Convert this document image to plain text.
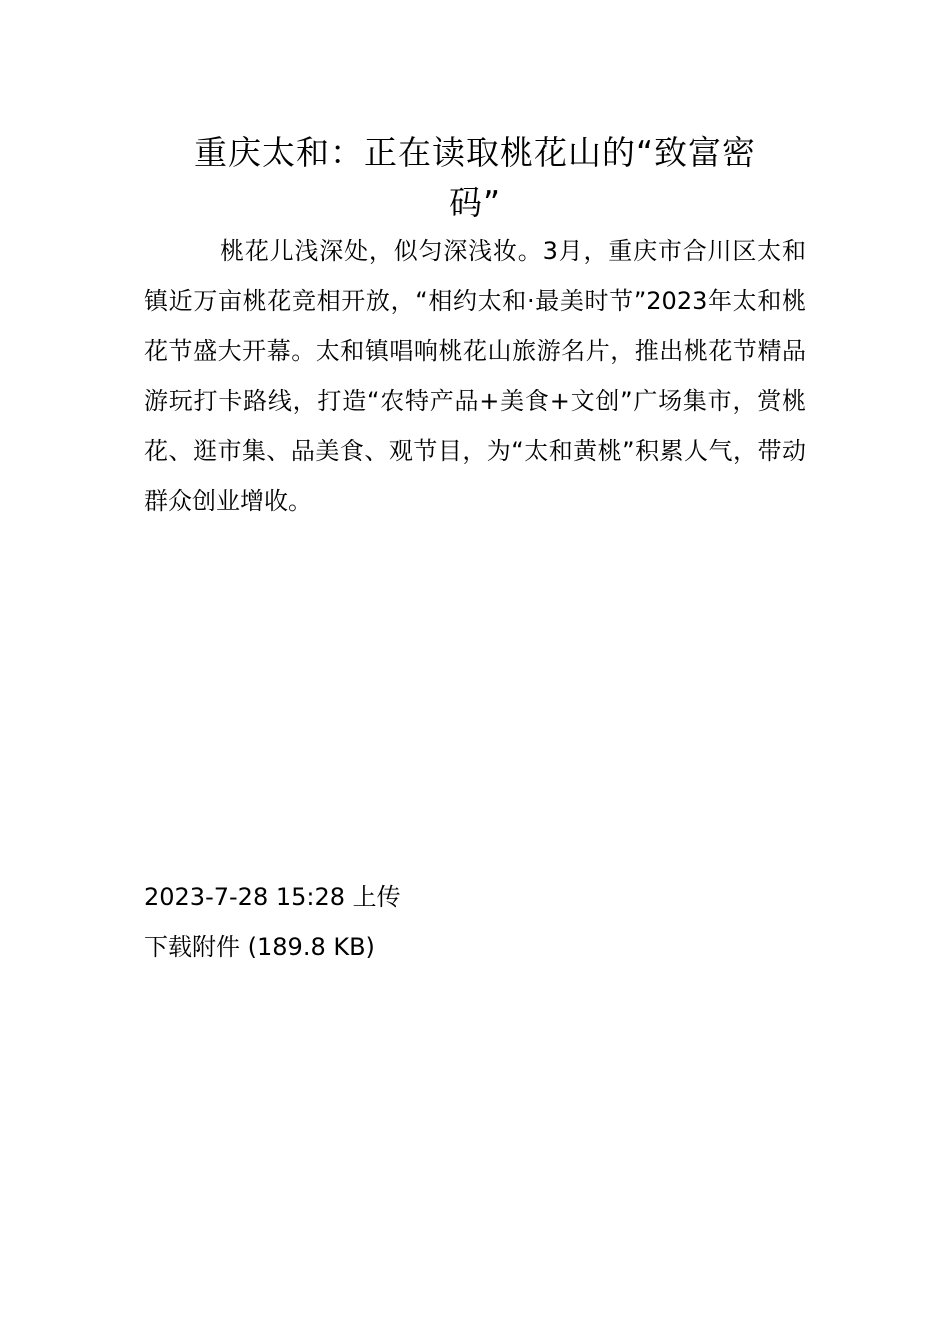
重庆太和：正在读取桃花山的“致富密码”

桃花儿浅深处，似匀深浅妆。3月，重庆市合川区太和镇近万亩桃花竞相开放，“相约太和·最美时节”2023年太和桃花节盛大开幕。太和镇唱响桃花山旅游名片，推出桃花节精品游玩打卡路线，打造“农特产品+美食+文创”广场集市，赏桃花、逛市集、品美食、观节目，为“太和黄桃”积累人气，带动群众创业增收。

2023-7-28 15:28 上传
下载附件 (189.8 KB)
